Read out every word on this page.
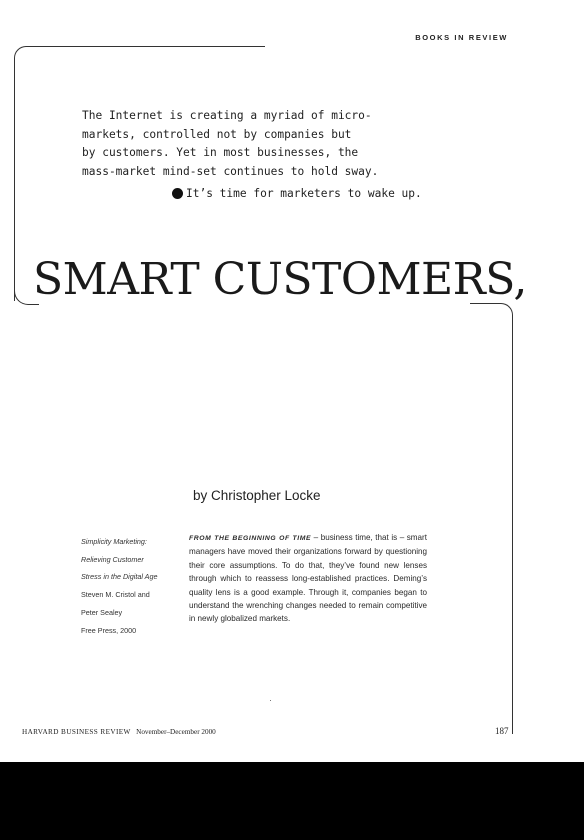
BOOKS IN REVIEW

The Internet is creating a myriad of micro-

markets, controlled not by companies but

by customers. Yet in most businesses, the

mass-market mind-set continues to hold sway.

It’s time for marketers to wake up.
SMART CUSTOMERS,
by Christopher Locke
Simplicity Marketing:
Relieving Customer
Stress in the Digital Age
Steven M. Cristol and
Peter Sealey
Free Press, 2000
FROM THE BEGINNING OF TIME – business time, that is – smart managers have moved their organizations forward by questioning their core assumptions. To do that, they’ve found new lenses through which to reassess long-established practices. Deming’s quality lens is a good example. Through it, companies began to understand the wrenching changes needed to remain competitive in newly globalized markets.
HARVARD BUSINESS REVIEW November–December 2000	187
